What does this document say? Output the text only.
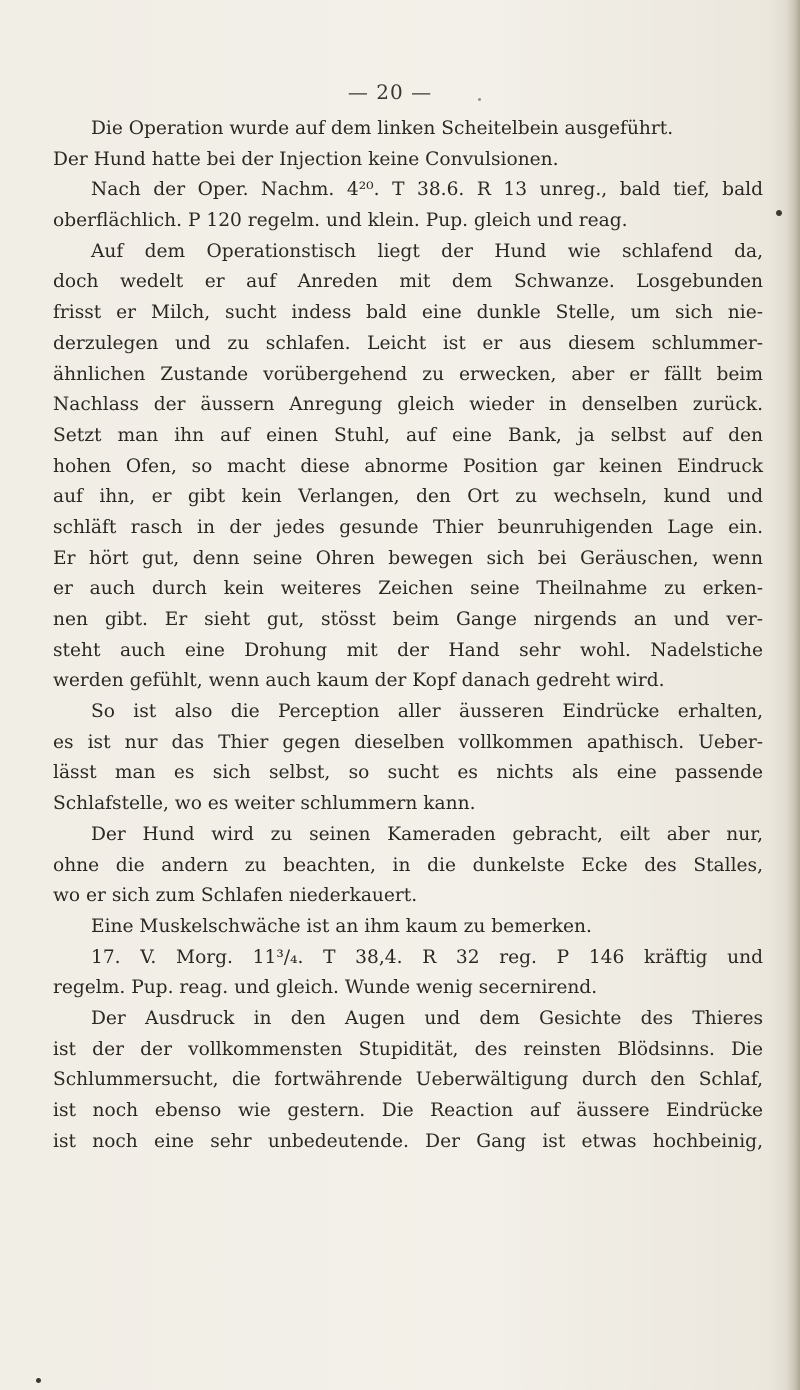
— 20 —
Die Operation wurde auf dem linken Scheitelbein ausgeführt.
Der Hund hatte bei der Injection keine Convulsionen.
Nach der Oper. Nachm. 4²⁰. T 38.6. R 13 unreg., bald tief, bald
oberflächlich. P 120 regelm. und klein. Pup. gleich und reag.
Auf dem Operationstisch liegt der Hund wie schlafend da,
doch wedelt er auf Anreden mit dem Schwanze. Losgebunden
frisst er Milch, sucht indess bald eine dunkle Stelle, um sich nie-
derzulegen und zu schlafen. Leicht ist er aus diesem schlummer-
ähnlichen Zustande vorübergehend zu erwecken, aber er fällt beim
Nachlass der äussern Anregung gleich wieder in denselben zurück.
Setzt man ihn auf einen Stuhl, auf eine Bank, ja selbst auf den
hohen Ofen, so macht diese abnorme Position gar keinen Eindruck
auf ihn, er gibt kein Verlangen, den Ort zu wechseln, kund und
schläft rasch in der jedes gesunde Thier beunruhigenden Lage ein.
Er hört gut, denn seine Ohren bewegen sich bei Geräuschen, wenn
er auch durch kein weiteres Zeichen seine Theilnahme zu erken-
nen gibt. Er sieht gut, stösst beim Gange nirgends an und ver-
steht auch eine Drohung mit der Hand sehr wohl. Nadelstiche
werden gefühlt, wenn auch kaum der Kopf danach gedreht wird.
So ist also die Perception aller äusseren Eindrücke erhalten,
es ist nur das Thier gegen dieselben vollkommen apathisch. Ueber-
lässt man es sich selbst, so sucht es nichts als eine passende
Schlafstelle, wo es weiter schlummern kann.
Der Hund wird zu seinen Kameraden gebracht, eilt aber nur,
ohne die andern zu beachten, in die dunkelste Ecke des Stalles,
wo er sich zum Schlafen niederkauert.
Eine Muskelschwäche ist an ihm kaum zu bemerken.
17. V. Morg. 11³/₄. T 38,4. R 32 reg. P 146 kräftig und
regelm. Pup. reag. und gleich. Wunde wenig secernirend.
Der Ausdruck in den Augen und dem Gesichte des Thieres
ist der der vollkommensten Stupidität, des reinsten Blödsinns. Die
Schlummersucht, die fortwährende Ueberwältigung durch den Schlaf,
ist noch ebenso wie gestern. Die Reaction auf äussere Eindrücke
ist noch eine sehr unbedeutende. Der Gang ist etwas hochbeinig,
